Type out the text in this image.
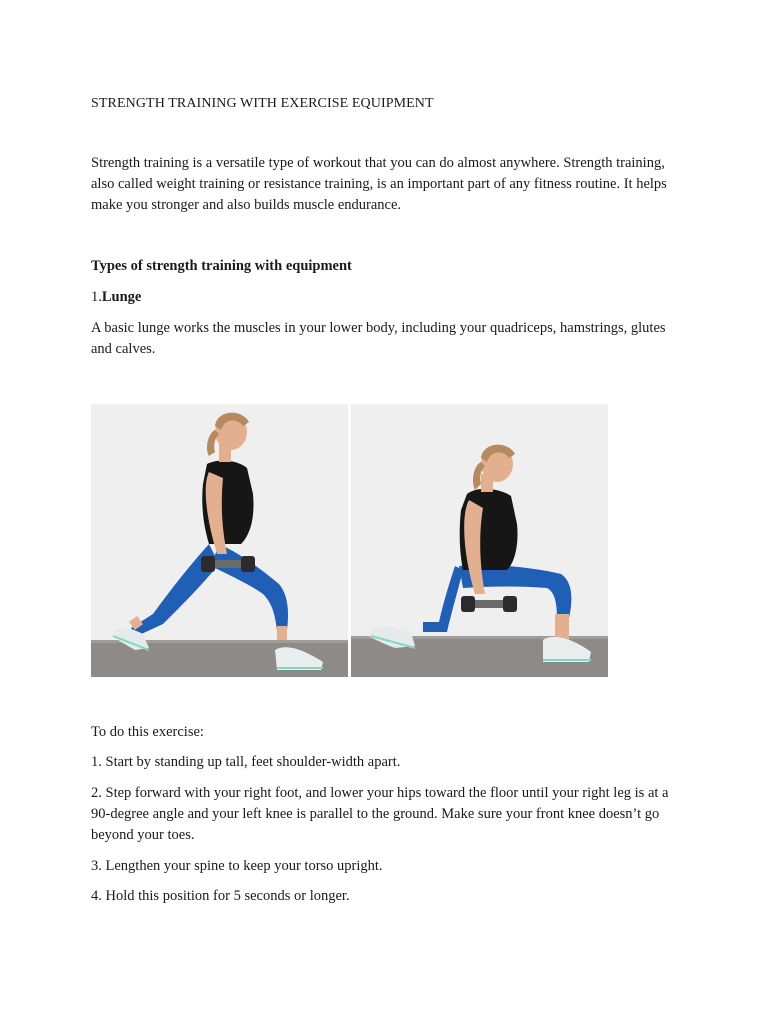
STRENGTH TRAINING WITH EXERCISE EQUIPMENT

Strength training is a versatile type of workout that you can do almost anywhere. Strength training, also called weight training or resistance training, is an important part of any fitness routine. It helps make you stronger and also builds muscle endurance.

Types of strength training with equipment

1.Lunge

A basic lunge works the muscles in your lower body, including your quadriceps, hamstrings, glutes and calves.

To do this exercise:

1. Start by standing up tall, feet shoulder-width apart.

2. Step forward with your right foot, and lower your hips toward the floor until your right leg is at a 90-degree angle and your left knee is parallel to the ground. Make sure your front knee doesn’t go beyond your toes.

3. Lengthen your spine to keep your torso upright.

4. Hold this position for 5 seconds or longer.
